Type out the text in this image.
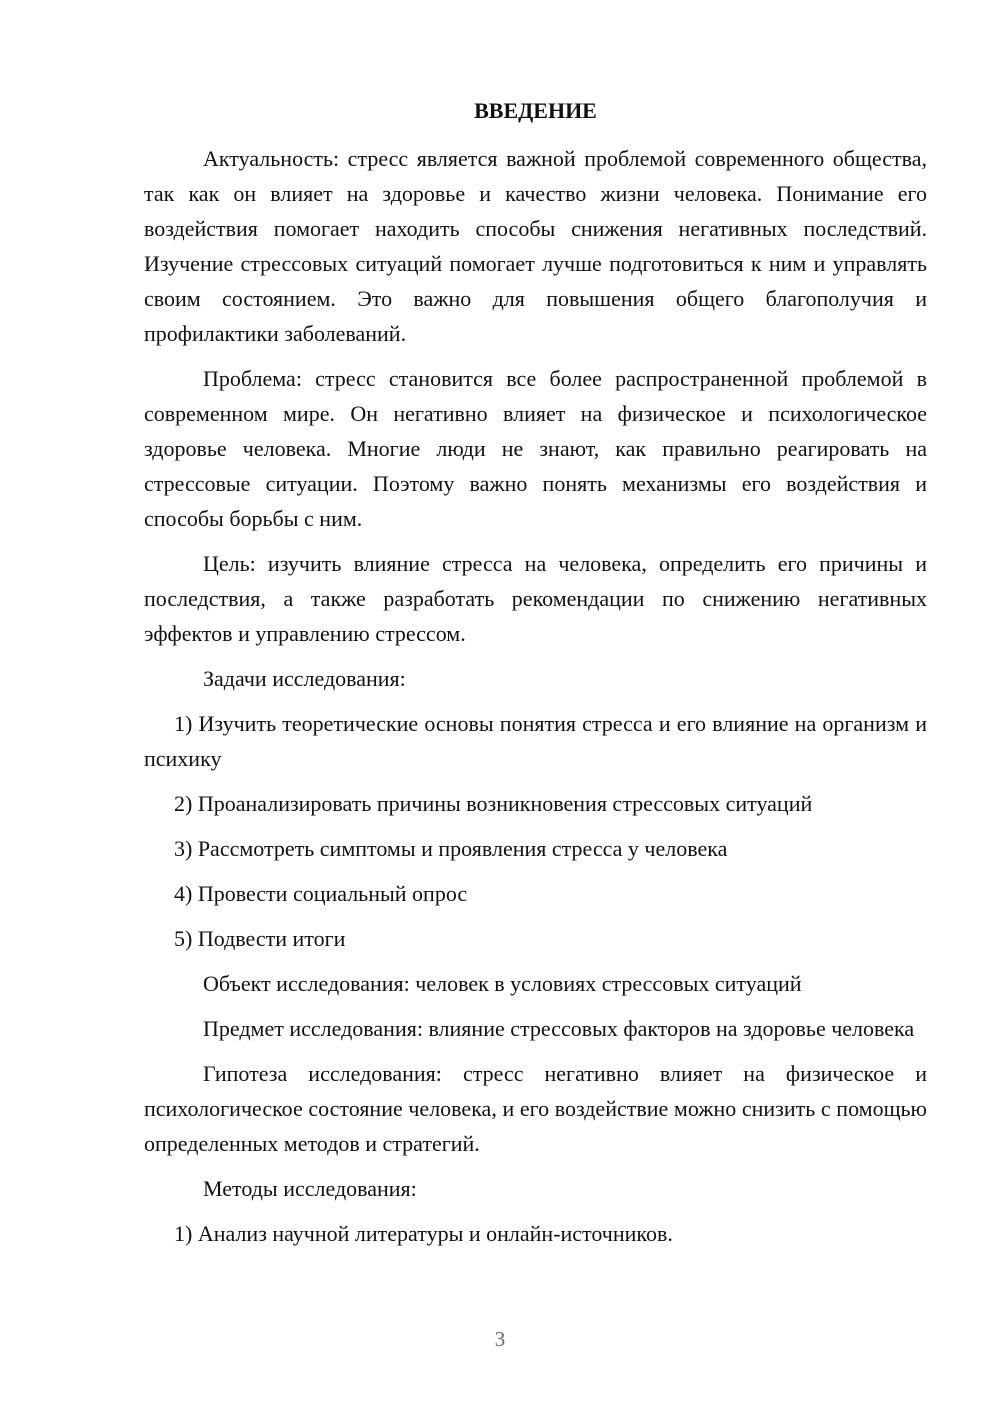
ВВЕДЕНИЕ

Актуальность: стресс является важной проблемой современного общества, так как он влияет на здоровье и качество жизни человека. Понимание его воздействия помогает находить способы снижения негативных последствий. Изучение стрессовых ситуаций помогает лучше подготовиться к ним и управлять своим состоянием. Это важно для повышения общего благополучия и профилактики заболеваний.

Проблема: стресс становится все более распространенной проблемой в современном мире. Он негативно влияет на физическое и психологическое здоровье человека. Многие люди не знают, как правильно реагировать на стрессовые ситуации. Поэтому важно понять механизмы его воздействия и способы борьбы с ним.

Цель: изучить влияние стресса на человека, определить его причины и последствия, а также разработать рекомендации по снижению негативных эффектов и управлению стрессом.

Задачи исследования:

1) Изучить теоретические основы понятия стресса и его влияние на организм и психику

2) Проанализировать причины возникновения стрессовых ситуаций

3) Рассмотреть симптомы и проявления стресса у человека

4) Провести социальный опрос

5) Подвести итоги

Объект исследования: человек в условиях стрессовых ситуаций

Предмет исследования: влияние стрессовых факторов на здоровье человека

Гипотеза исследования: стресс негативно влияет на физическое и психологическое состояние человека, и его воздействие можно снизить с помощью определенных методов и стратегий.

Методы исследования:

1) Анализ научной литературы и онлайн-источников.

3
